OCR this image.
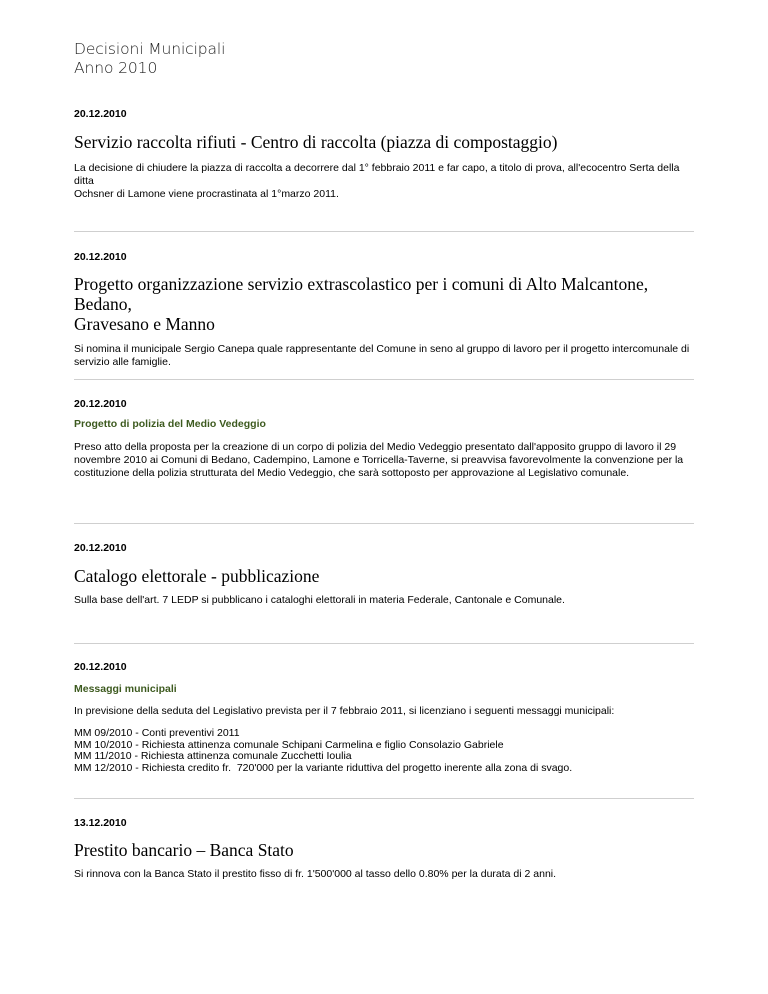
Decisioni Municipali
Anno 2010

20.12.2010

Servizio raccolta rifiuti - Centro di raccolta (piazza di compostaggio)

La decisione di chiudere la piazza di raccolta a decorrere dal 1° febbraio 2011 e far capo, a titolo di prova, all'ecocentro Serta della ditta
Ochsner di Lamone viene procrastinata al 1°marzo 2011.

20.12.2010

Progetto organizzazione servizio extrascolastico per i comuni di Alto Malcantone, Bedano,
Gravesano e Manno

Si nomina il municipale Sergio Canepa quale rappresentante del Comune in seno al gruppo di lavoro per il progetto intercomunale di
servizio alle famiglie.

20.12.2010

Progetto di polizia del Medio Vedeggio

Preso atto della proposta per la creazione di un corpo di polizia del Medio Vedeggio presentato dall'apposito gruppo di lavoro il 29
novembre 2010 ai Comuni di Bedano, Cadempino, Lamone e Torricella-Taverne, si preavvisa favorevolmente la convenzione per la
costituzione della polizia strutturata del Medio Vedeggio, che sarà sottoposto per approvazione al Legislativo comunale.

20.12.2010

Catalogo elettorale - pubblicazione

Sulla base dell'art. 7 LEDP si pubblicano i cataloghi elettorali in materia Federale, Cantonale e Comunale.

20.12.2010

Messaggi municipali

In previsione della seduta del Legislativo prevista per il 7 febbraio 2011, si licenziano i seguenti messaggi municipali:

MM 09/2010 - Conti preventivi 2011
MM 10/2010 - Richiesta attinenza comunale Schipani Carmelina e figlio Consolazio Gabriele
MM 11/2010 - Richiesta attinenza comunale Zucchetti Ioulia
MM 12/2010 - Richiesta credito fr.  720'000 per la variante riduttiva del progetto inerente alla zona di svago.

13.12.2010

Prestito bancario – Banca Stato

Si rinnova con la Banca Stato il prestito fisso di fr. 1'500'000 al tasso dello 0.80% per la durata di 2 anni.
